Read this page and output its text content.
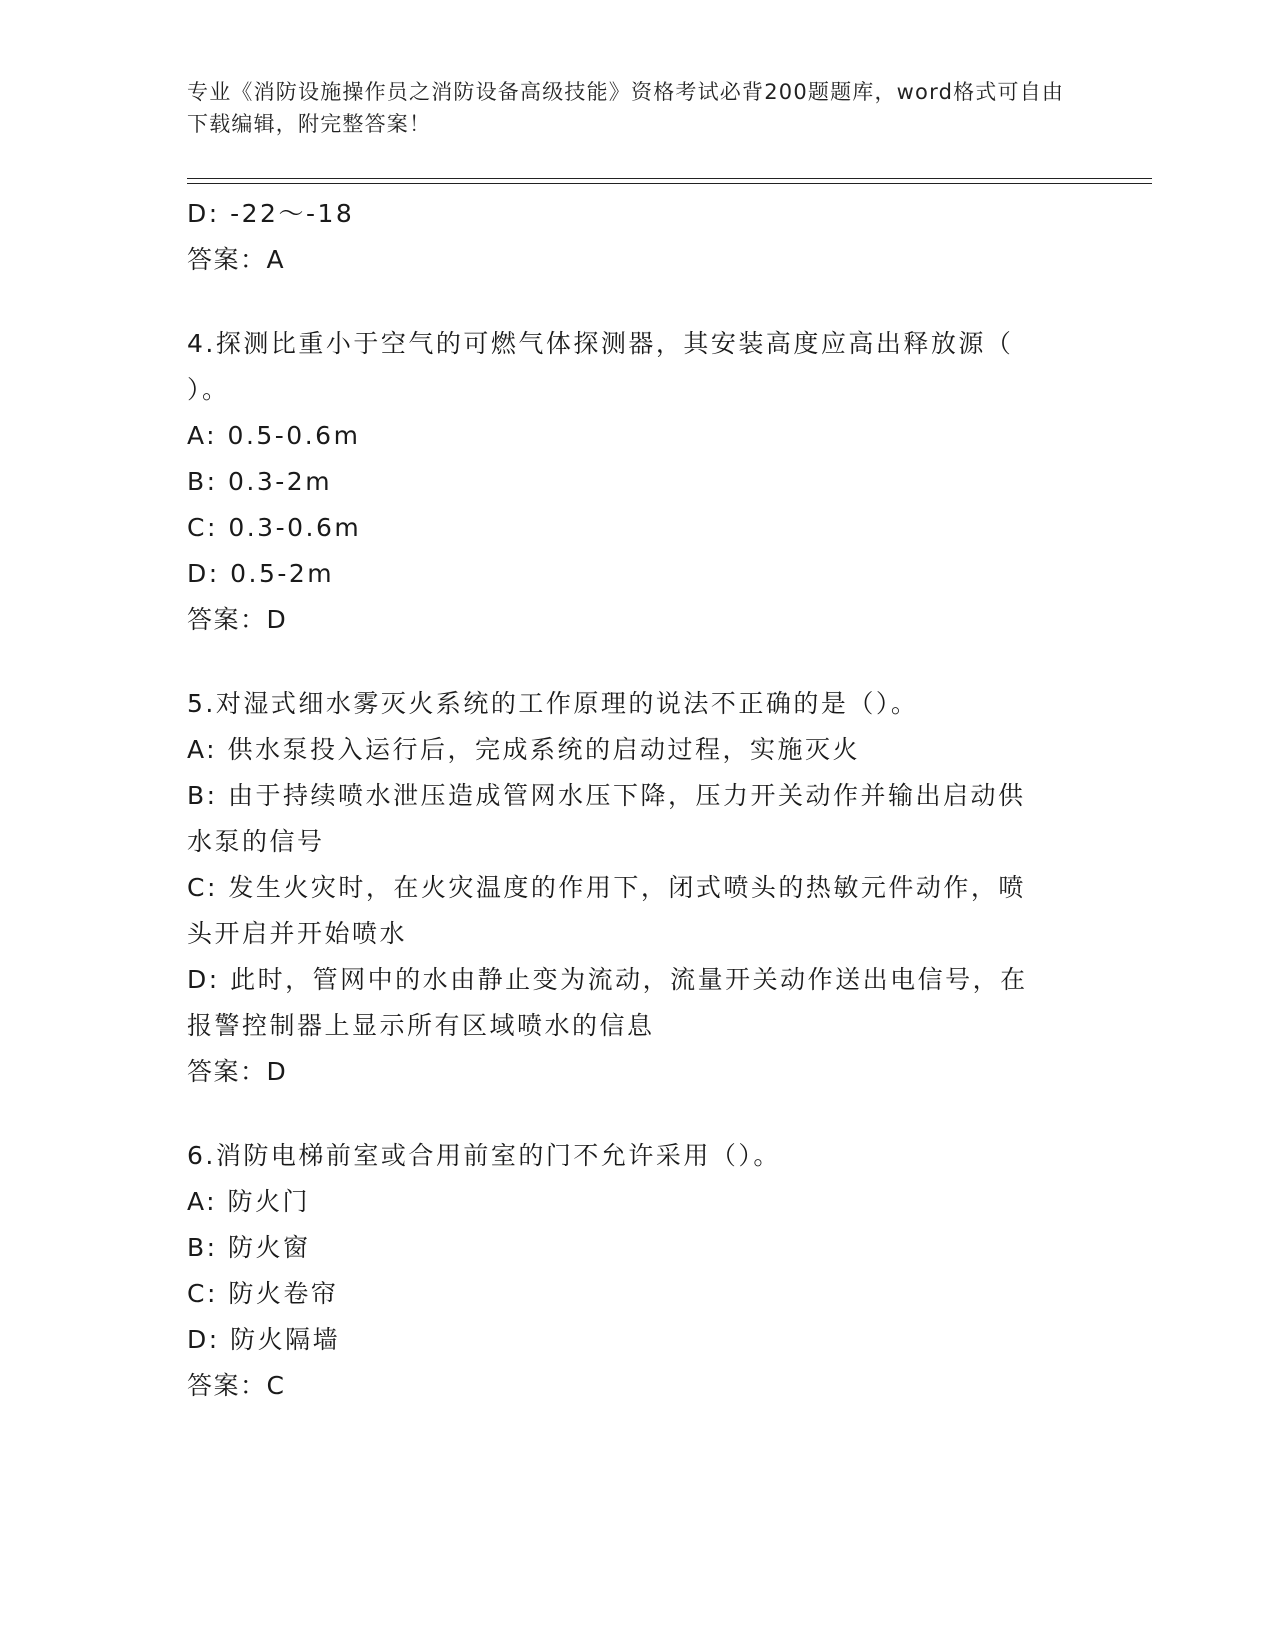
专业《消防设施操作员之消防设备高级技能》资格考试必背200题题库，word格式可自由下载编辑，附完整答案！
D: -22～-18
答案：A
4.探测比重小于空气的可燃气体探测器，其安装高度应高出释放源（
）。
A: 0.5-0.6m
B: 0.3-2m
C: 0.3-0.6m
D: 0.5-2m
答案：D
5.对湿式细水雾灭火系统的工作原理的说法不正确的是（）。
A: 供水泵投入运行后，完成系统的启动过程，实施灭火
B: 由于持续喷水泄压造成管网水压下降，压力开关动作并输出启动供
水泵的信号
C: 发生火灾时，在火灾温度的作用下，闭式喷头的热敏元件动作，喷
头开启并开始喷水
D: 此时，管网中的水由静止变为流动，流量开关动作送出电信号，在
报警控制器上显示所有区域喷水的信息
答案：D
6.消防电梯前室或合用前室的门不允许采用（）。
A: 防火门
B: 防火窗
C: 防火卷帘
D: 防火隔墙
答案：C
